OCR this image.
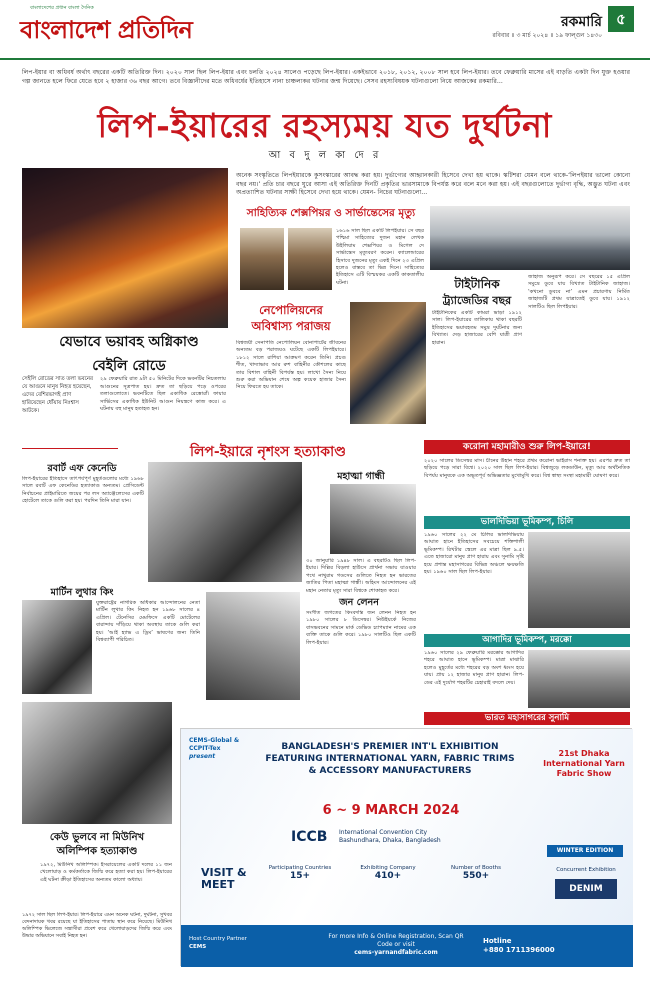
বাংলাদেশের প্রধান বাংলা দৈনিক
বাংলাদেশ প্রতিদিন	রকমারি ৫
রবিবার ॥ ৩ মার্চ ২০২৪ ॥ ১৯ ফাল্গুন ১৪৩০
লিপ-ইয়ার বা অধিবর্ষ অর্থাৎ বছরের একটি অতিরিক্ত দিন। ২০২০ সাল ছিল লিপ-ইয়ার এবং চলতি ২০২৪ সালেও পড়েছে লিপ-ইয়ার। একইভাবে ২০১৮, ২০১২, ২০০৮ সাল হবে লিপ-ইয়ার। তবে ফেব্রুয়ারি মাসের এই বাড়তি একটা দিন যুক্ত হওয়ার গল্প জানতে হলে ফিরে যেতে হবে ২ হাজার ৩৬ বছর আগে। তবে বিজ্ঞানীদের মতে অধিবর্ষের ইতিহাসে নানা চাঞ্চল্যকর ঘটনার জন্ম দিয়েছে। সেসব রহস্যবিষয়ক ঘটনাগুলো নিয়ে আজকের রকমারি...
লিপ-ইয়ারের রহস্যময় যত দুর্ঘটনা
আ ব দু ল কা দে র
যেভাবে ভয়াবহ অগ্নিকাণ্ড
বেইলি রোডে
সেইলি রোডের সাত তলা ভবনের যে আগুনে মানুষ নিহত হয়েছেন, এদের বেশিরভাগই প্রাণ হারিয়েছেন ধোঁয়ায় নিঃশ্বাস আটকে।
২৯ ফেব্রুয়ারি রাত ৯টা ৫০ মিনিটের দিকে ভবনটির নিচতলায় আগুনের সূত্রপাত হয়। দ্রুত তা ছড়িয়ে পড়ে ওপরের তলাগুলোতে। ভবনটিতে ছিল একাধিক রেস্তোরাঁ। ফায়ার সার্ভিসের একাধিক ইউনিট আগুন নিয়ন্ত্রণে কাজ করে। এ ঘটনায় বহু মানুষ হতাহত হন।
অনেক সংস্কৃতিতে লিপইয়ারকে কুসংস্কারের আবদ্ধ করা হয়। দুর্ভাগ্যের আহ্বানকারী হিসেবে দেখা হয় থাকে। স্কটিশরা যেমন বলে থাকে-‘লিপইয়ার ভালো কোনো বছর নয়।’ প্রতি চার বছরে ঘুরে আসা এই অতিরিক্ত দিনটি প্রকৃতির ভারসাম্যকে বিপর্যস্ত করে বলে মনে করা হয়। এই বছরগুলোতে দুর্ভাগ্য বৃদ্ধি, অদ্ভুত ঘটনা এবং অপ্রত্যাশিত ঘটনার সাক্ষী হিসেবে দেখা হয়ে থাকে। যেমন- নিচের ঘটনাগুলো...
সাহিত্যিক শেক্সপিয়র ও সার্ভান্তেসের মৃত্যু
১৬১৬ সাল ছিল একটি লিপইয়ার। সে বছর পশ্চিমা সাহিত্যের দুজন মহান লেখক উইলিয়াম শেক্সপিয়র ও মিগেল দে সার্ভান্তেস মৃত্যুবরণ করেন। ক্যালেন্ডারের হিসাবে দুজনের মৃত্যু একই দিনে ২৩ এপ্রিল হলেও বাস্তবে তা ভিন্ন দিনে। সাহিত্যের ইতিহাসে এটি বিস্ময়কর একটি কাকতালীয় ঘটনা।	টাইটানিক
ট্র্যাজেডির বছর
জাহাজ অনুরূপ করে। সে বছরের ১৫ এপ্রিল সমুদ্রে ডুবে যায় বিখ্যাত টাইটানিক জাহাজ। ‘কখনো ডুববে না’ এমন প্রচারণায় নির্মিত জাহাজটি প্রথম যাত্রাতেই ডুবে যায়। ১৯১২ সালটিও ছিল লিপইয়ার।
টাইটানিকের একটি কামরা ভাড়া ১৯১২ সাল। লিপ-ইয়ারের তালিকায় থাকা বছরটি ইতিহাসের ভয়াবহতম সমুদ্র দুর্ঘটনার জন্য বিখ্যাত। দেড় হাজারের বেশি যাত্রী প্রাণ হারান।
নেপোলিয়নের
অবিশ্বাস্য পরাজয়
বিশ্বজয়ী সেনাপতি নেপোলিয়ন বোনাপার্টের জীবনের অন্যতম বড় পরাজয়ও ঘটেছে একটি লিপইয়ারে। ১৮১২ সালে রাশিয়া আক্রমণ করেন তিনি। প্রচণ্ড শীত, খাদ্যাভাব আর রুশ বাহিনীর কৌশলের কাছে তার বিশাল বাহিনী বিপর্যস্ত হয়। লাখো সৈন্য নিয়ে শুরু করা অভিযান শেষে অল্প কয়েক হাজার সৈন্য নিয়ে ফিরতে হয় তাকে।
করোনা মহামারীও শুরু লিপ-ইয়ারে!
২০২০ সালের ডিসেম্বর মাস। চীনের উহান শহরে প্রথম করোনা ভাইরাস শনাক্ত হয়। এরপর দ্রুত তা ছড়িয়ে পড়ে সারা বিশ্বে। ২০২০ সাল ছিল লিপ-ইয়ার। বিশ্বজুড়ে লকডাউন, মৃত্যু আর অর্থনৈতিক বিপর্যয় মানুষকে এক অভূতপূর্ব অভিজ্ঞতার মুখোমুখি করে। বিশ্ব স্বাস্থ্য সংস্থা মহামারী ঘোষণা করে।
লিপ-ইয়ারে নৃশংস হত্যাকাণ্ড
রবার্ট এফ কেনেডি
লিপ-ইয়ারের ইতিহাসে তাৎপর্যপূর্ণ মুহূর্তগুলোর মধ্যে ১৯৬৮ সালে রবার্ট এফ কেনেডির হত্যাকাণ্ড অন্যতম। প্রেসিডেন্ট নির্বাচনের প্রাইমারিতে জয়ের পর লস অ্যাঞ্জেলেসের একটি হোটেলে তাকে গুলি করা হয়। পরদিন তিনি মারা যান।
মহাত্মা গান্ধী
৩০ জানুয়ারি ১৯৪৮ সাল। এ বছরটিও ছিল লিপ-ইয়ার। দিল্লির বিড়লা হাউসে প্রার্থনা সভায় যাওয়ার পথে নাথুরাম গডসের গুলিতে নিহত হন ভারতের জাতির পিতা মহাত্মা গান্ধী। অহিংস আন্দোলনের এই মহান নেতার মৃত্যু সারা বিশ্বকে শোকাহত করে।
মার্টিন লুথার কিং
যুক্তরাষ্ট্রের নাগরিক অধিকার আন্দোলনের নেতা মার্টিন লুথার কিং নিহত হন ১৯৬৮ সালের ৪ এপ্রিল। টেনেসির মেমফিসে একটি মোটেলের বারান্দায় দাঁড়িয়ে থাকা অবস্থায় তাকে গুলি করা হয়। ‘আই হ্যাভ এ ড্রিম’ ভাষণের জন্য তিনি বিশ্বব্যাপী পরিচিত।
জন লেনন
সংগীত জগতের কিংবদন্তি জন লেনন নিহত হন ১৯৮০ সালের ৮ ডিসেম্বর। নিউইয়র্কে নিজের বাসভবনের সামনে মার্ক ডেভিড চ্যাপম্যান নামের এক ব্যক্তি তাকে গুলি করে। ১৯৮০ সালটিও ছিল একটি লিপ-ইয়ার।
কেউ ভুলবে না মিউনিখ
অলিম্পিক হত্যাকাণ্ড
১৯৭২, মিউনিখ অলিম্পিক। ইসরায়েলের একটি দলের ১১ জন খেলোয়াড় ও কর্মকর্তাকে জিম্মি করে হত্যা করা হয়। লিপ-ইয়ারের এই ঘটনা ক্রীড়া ইতিহাসের অন্যতম কালো অধ্যায়।
১৯৭২ সাল ছিল লিপ-ইয়ার। লিপ-ইয়ারে এমন অনেক ঘটনা, দুর্ঘটনা, সুখবর বেদনাদায়ক খবর রয়েছে যা ইতিহাসের পাতায় স্থান করে নিয়েছে। মিউনিখ অলিম্পিক ভিলেজে সন্ত্রাসীরা প্রবেশ করে খেলোয়াড়দের জিম্মি করে এবং উদ্ধার অভিযানে সবাই নিহত হন।
ভালদিভিয়া ভূমিকম্প, চিলি
১৯৬০ সালের ২২ মে চিলির ভালদিভিয়ায় আঘাত হানে ইতিহাসের সবচেয়ে শক্তিশালী ভূমিকম্প। রিখটার স্কেলে এর মাত্রা ছিল ৯.৫। এতে হাজারো মানুষ প্রাণ হারায় এবং সুনামি সৃষ্টি হয়ে প্রশান্ত মহাসাগরের বিভিন্ন অঞ্চলে ক্ষয়ক্ষতি হয়। ১৯৬০ সাল ছিল লিপ-ইয়ার।
আগাদির ভূমিকম্প, মরক্কো
১৯৬০ সালের ২৯ ফেব্রুয়ারি মরক্কোর আগাদির শহরে আঘাত হানে ভূমিকম্প। মাত্রা মাঝারি হলেও মুহূর্তের মধ্যে শহরের বড় অংশ ধ্বংস হয়ে যায়। প্রায় ১২ হাজার মানুষ প্রাণ হারান। লিপ-ডের এই দুর্যোগ শহরটির চেহারাই বদলে দেয়।
ভারত মহাসাগরের সুনামি
CEMS-Global & CCPIT-Tex
present
BANGLADESH'S PREMIER INT'L EXHIBITION FEATURING INTERNATIONAL YARN, FABRIC TRIMS & ACCESSORY MANUFACTURERS
6 ~ 9 MARCH 2024
ICCB International Convention City Bashundhara, Dhaka, Bangladesh
VISIT & MEET
Participating Countries
15+
Exhibiting Company
410+
Number of Booths
550+
21st Dhaka International Yarn Fabric Show
WINTER EDITION
Concurrent Exhibition
DENIM
Host Country Partner
CEMS
For more Info & Online Registration, Scan QR Code or visit
cems-yarnandfabric.com
Hotline
+880 1711396000
